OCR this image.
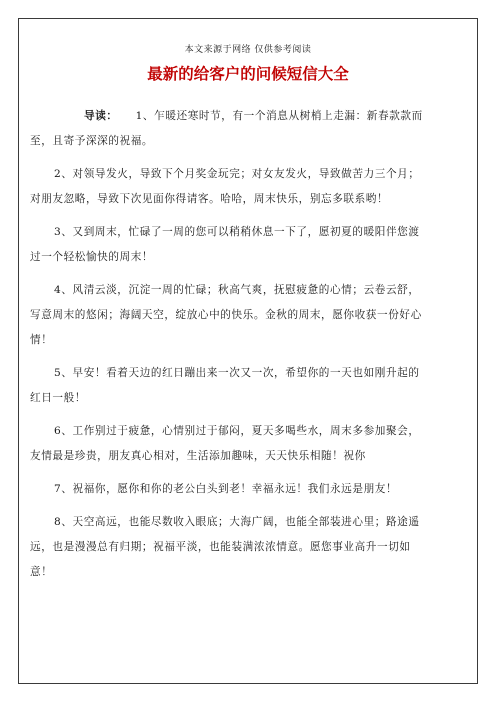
本文来源于网络 仅供参考阅读
最新的给客户的问候短信大全

导读： 1、乍暖还寒时节，有一个消息从树梢上走漏：新春款款而至，且寄予深深的祝福。

2、对领导发火，导致下个月奖金玩完；对女友发火，导致做苦力三个月；对朋友忽略，导致下次见面你得请客。哈哈，周末快乐，别忘多联系哟！

3、又到周末，忙碌了一周的您可以稍稍休息一下了，愿初夏的暖阳伴您渡过一个轻松愉快的周末！

4、风清云淡，沉淀一周的忙碌；秋高气爽，抚慰疲惫的心情；云卷云舒，写意周末的悠闲；海阔天空，绽放心中的快乐。金秋的周末，愿你收获一份好心情！

5、早安！看着天边的红日蹦出来一次又一次，希望你的一天也如刚升起的红日一般！

6、工作别过于疲惫，心情别过于郁闷，夏天多喝些水，周末多参加聚会，友情最是珍贵，朋友真心相对，生活添加趣味，天天快乐相随！祝你

7、祝福你，愿你和你的老公白头到老！幸福永远！我们永远是朋友！

8、天空高远，也能尽数收入眼底；大海广阔，也能全部装进心里；路途遥远，也是漫漫总有归期；祝福平淡，也能装满浓浓情意。愿您事业高升一切如意！
